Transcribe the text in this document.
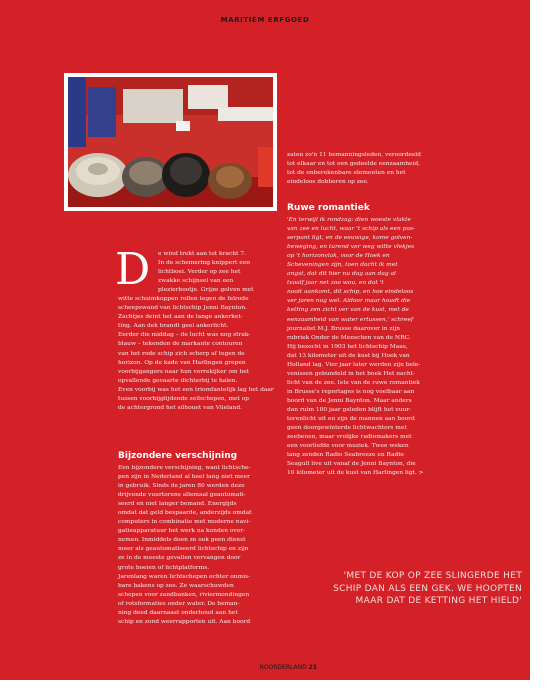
MARITIEM ERFGOED
D	e wind trekt aan tot kracht 7.
In de schemering knippert een
lichtboei. Verder op zee het
zwakke schijnsel van een
plezierbootje. Grijze golven met
witte schuimkoppen rollen tegen de felrode
scheepswand van lichtschip Jenni Baynton.
Zachtjes deint het aan de lange ankerket-
ting. Aan dek brandt geel ankerlicht.
Eerder die middag – de lucht was nog strak-
blauw – tekenden de markante contouren
van het rode schip zich scherp af tegen de
horizon. Op de kade van Harlingen grepen
voorbijgangers naar hun verrekijker om het
opvallende gevaarte dichterbij te halen.
Even voorbij was het een triomfantelijk lag het daar
tussen voorbijglijdende zeilschepen, met op
de achtergrond het silhouet van Vlieland.
Bijzondere verschijning
Een bijzondere verschijning, want lichtsche-
pen zijn in Nederland al heel lang niet meer
in gebruik. Sinds de jaren 80 werden deze
drijvende vuurtorens allemaal geautomati-
seerd en niet langer bemand. Energijds
omdat dat geld bespaarde, anderzijds omdat
computers in combinatie met moderne navi-
gatieapparatuur het werk na konden over-
nemen. Inmiddels doen ze ook geen dienst
meer als geautomatiseerd lichtschip en zijn
ze in de meeste gevallen vervangen door
grote boeien of lichtplatforms.
Jarenlang waren lichtschepen echter onmis-
bare bakens op zee. Ze waarschuwden
schepen voor zandbanken, riviermondingen
of rotsformaties onder water. De beman-
ning deed daarnaast onderhoud aan het
schip en zond weerrapporten uit. Aan boord
zaten zo'n 11 bemanningsleden, veroordeeld
tot elkaar en tot een gedeelde eenzaamheid,
tot de onberekenbare elementen en het
eindeloos dobberen op zee.
Ruwe romantiek
'En terwijl ik rondzag: dien woeste vlakte
van zee en lucht, waar 't schip als een pas-
serpunt ligt, en de eeuwige, kome golven-
beweging, en turend ver weg witte vlekjes
op 't horizonvlak, voor de Hoek en
Scheveningen zijn, toen dacht ik met
angst, dat dit hier nu dag aan dag al
tvaalf jaar net zoo wou, en dat 't
nooit aankomt, dit schip, en hoe eindeloos
ver jaren nog wel. Aldoor maar houdt die
ketting zen zicht ver van de kust, met de
eenzaamheid van water ertussen,' schreef
journalist M.J. Brusse daarover in zijn
rubriek Onder de Menschen van de NRC.
Hij bezocht in 1903 het lichtschip Maas,
dat 13 kilometer uit de kust bij Hoek van
Holland lag. Vier jaar later werden zijn bele-
venissen gebundeld in het boek Het nacht-
licht van de zee. Iets van de ruwe romantiek
in Brusse's reportages is nog voelbaar aan
boord van de Jenni Baynton. Maar anders
dan ruim 100 jaar geleden blijft het vuur-
torenlicht uit en zijn de mannen aan boord
geen doorgewinterde lichtwachters met
zeebenen, maar vrolijke radiomakers met
een voorliefde voor muziek. Twee weken
lang zenden Radio Seabreeze en Radio
Seagull live uit vanaf de Jenni Baynton, die
10 kilometer uit de kust van Harlingen ligt. >
'MET DE KOP OP ZEE SLINGERDE HET SCHIP DAN ALS EEN GEK. WE HOOPTEN MAAR DAT DE KETTING HET HIELD'
NOORDERLAND 21
